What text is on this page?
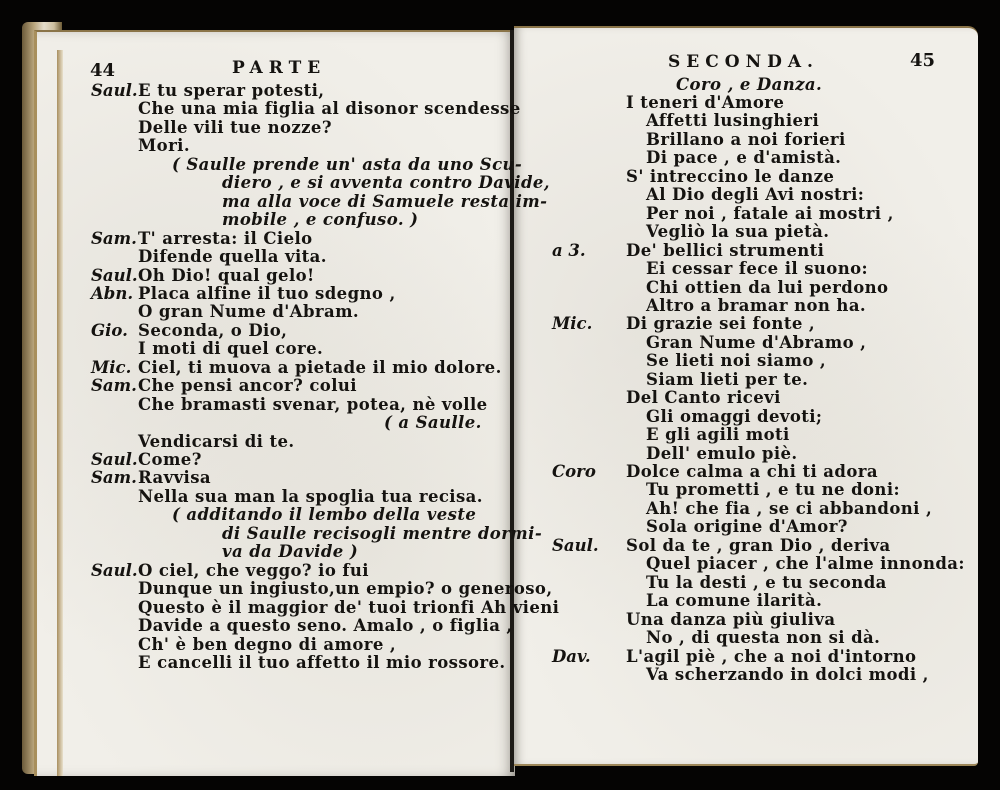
44	PARTE
Saul. E tu sperar potesti,
Che una mia figlia al disonor scendesse
Delle vili tue nozze?
Mori.
( Saulle prende un' asta da uno Scu-
diero , e si avventa contro Davide,
ma alla voce di Samuele resta im-
mobile , e confuso. )
Sam. T' arresta: il Cielo
Difende quella vita.
Saul. Oh Dio! qual gelo!
Abn. Placa alfine il tuo sdegno ,
O gran Nume d'Abram.
Gio. Seconda, o Dio,
I moti di quel core.
Mic. Ciel, ti muova a pietade il mio dolore.
Sam. Che pensi ancor? colui
Che bramasti svenar, potea, nè volle
( a Saulle.
Vendicarsi di te.
Saul. Come?
Sam. Ravvisa
Nella sua man la spoglia tua recisa.
( additando il lembo della veste
di Saulle recisogli mentre dormi-
va da Davide )
Saul. O ciel, che veggo? io fui
Dunque un ingiusto,un empio? o generoso,
Questo è il maggior de' tuoi trionfi Ah vieni
Davide a questo seno. Amalo , o figlia ,
Ch' è ben degno di amore ,
E cancelli il tuo affetto il mio rossore.
SECONDA.	45
Coro , e Danza.
I teneri d'Amore
Affetti lusinghieri
Brillano a noi forieri
Di pace , e d'amistà.
S' intreccino le danze
Al Dio degli Avi nostri:
Per noi , fatale ai mostri ,
Vegliò la sua pietà.
a 3. De' bellici strumenti
Ei cessar fece il suono:
Chi ottien da lui perdono
Altro a bramar non ha.
Mic. Di grazie sei fonte ,
Gran Nume d'Abramo ,
Se lieti noi siamo ,
Siam lieti per te.
Del Canto ricevi
Gli omaggi devoti;
E gli agili moti
Dell' emulo piè.
Coro Dolce calma a chi ti adora
Tu prometti , e tu ne doni:
Ah! che fia , se ci abbandoni ,
Sola origine d'Amor?
Saul. Sol da te , gran Dio , deriva
Quel piacer , che l'alme innonda:
Tu la desti , e tu seconda
La comune ilarità.
Una danza più giuliva
No , di questa non si dà.
Dav. L'agil piè , che a noi d'intorno
Va scherzando in dolci modi ,
